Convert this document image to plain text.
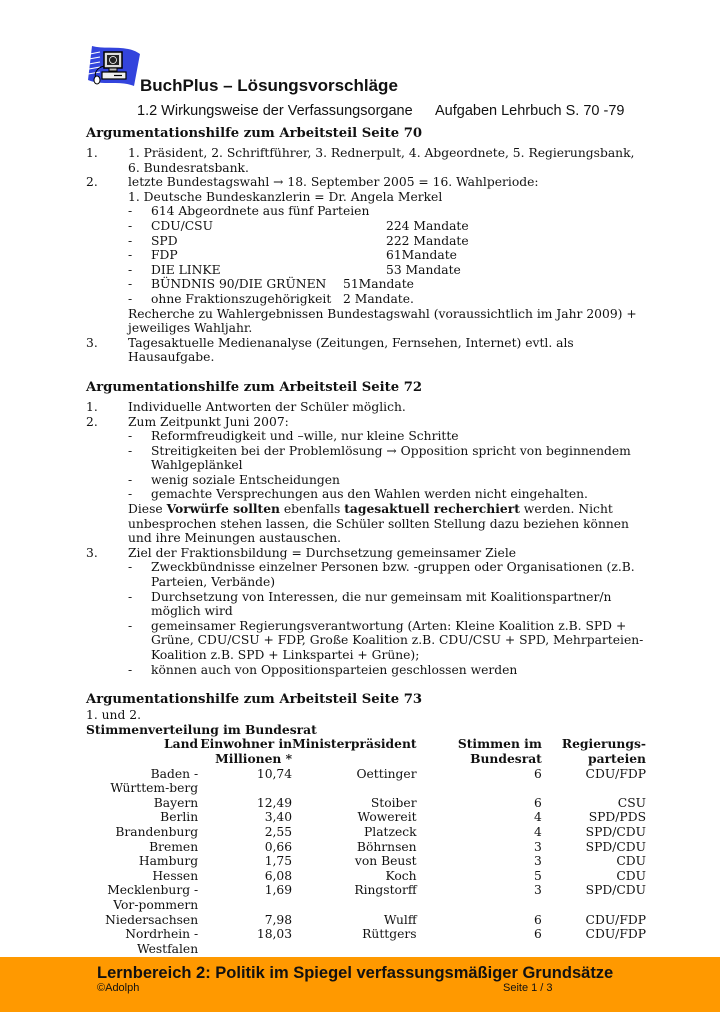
BuchPlus – Lösungsvorschläge
1.2 Wirkungsweise der Verfassungsorgane Aufgaben Lehrbuch S. 70 -79
Argumentationshilfe zum Arbeitsteil Seite 70
1.	1. Präsident, 2. Schriftführer, 3. Rednerpult, 4. Abgeordnete, 5. Regierungsbank, 6. Bundesratsbank.
2.	letzte Bundestagswahl → 18. September 2005 = 16. Wahlperiode:
1. Deutsche Bundeskanzlerin = Dr. Angela Merkel
-	614 Abgeordnete aus fünf Parteien
-	CDU/CSU	224 Mandate
-	SPD	222 Mandate
-	FDP	61Mandate
-	DIE LINKE	53 Mandate
-	BÜNDNIS 90/DIE GRÜNEN 51Mandate
-	ohne Fraktionszugehörigkeit 2 Mandate.
Recherche zu Wahlergebnissen Bundestagswahl (voraussichtlich im Jahr 2009) + jeweiliges Wahljahr.
3.	Tagesaktuelle Medienanalyse (Zeitungen, Fernsehen, Internet) evtl. als Hausaufgabe.
Argumentationshilfe zum Arbeitsteil Seite 72
1.	Individuelle Antworten der Schüler möglich.
2.	Zum Zeitpunkt Juni 2007:
-	Reformfreudigkeit und –wille, nur kleine Schritte
-	Streitigkeiten bei der Problemlösung → Opposition spricht von beginnendem Wahlgeplänkel
-	wenig soziale Entscheidungen
-	gemachte Versprechungen aus den Wahlen werden nicht eingehalten.
Diese Vorwürfe sollten ebenfalls tagesaktuell recherchiert werden. Nicht unbesprochen stehen lassen, die Schüler sollten Stellung dazu beziehen können und ihre Meinungen austauschen.
3.	Ziel der Fraktionsbildung = Durchsetzung gemeinsamer Ziele
-	Zweckbündnisse einzelner Personen bzw. -gruppen oder Organisationen (z.B. Parteien, Verbände)
-	Durchsetzung von Interessen, die nur gemeinsam mit Koalitionspartner/n möglich wird
-	gemeinsamer Regierungsverantwortung (Arten: Kleine Koalition z.B. SPD + Grüne, CDU/CSU + FDP, Große Koalition z.B. CDU/CSU + SPD, Mehrparteien-Koalition z.B. SPD + Linkspartei + Grüne);
-	können auch von Oppositionsparteien geschlossen werden
Argumentationshilfe zum Arbeitsteil Seite 73
1. und 2.
Stimmenverteilung im Bundesrat
Land	Einwohner in Millionen *	Ministerpräsident	Stimmen im Bundesrat	Regierungs-parteien
Baden - Württem-berg	10,74	Oettinger	6	CDU/FDP
Bayern	12,49	Stoiber	6	CSU
Berlin	3,40	Wowereit	4	SPD/PDS
Brandenburg	2,55	Platzeck	4	SPD/CDU
Bremen	0,66	Böhrnsen	3	SPD/CDU
Hamburg	1,75	von Beust	3	CDU
Hessen	6,08	Koch	5	CDU
Mecklenburg - Vor-pommern	1,69	Ringstorff	3	SPD/CDU
Niedersachsen	7,98	Wulff	6	CDU/FDP
Nordrhein - Westfalen	18,03	Rüttgers	6	CDU/FDP
Lernbereich 2: Politik im Spiegel verfassungsmäßiger Grundsätze
©Adolph	Seite 1 / 3
